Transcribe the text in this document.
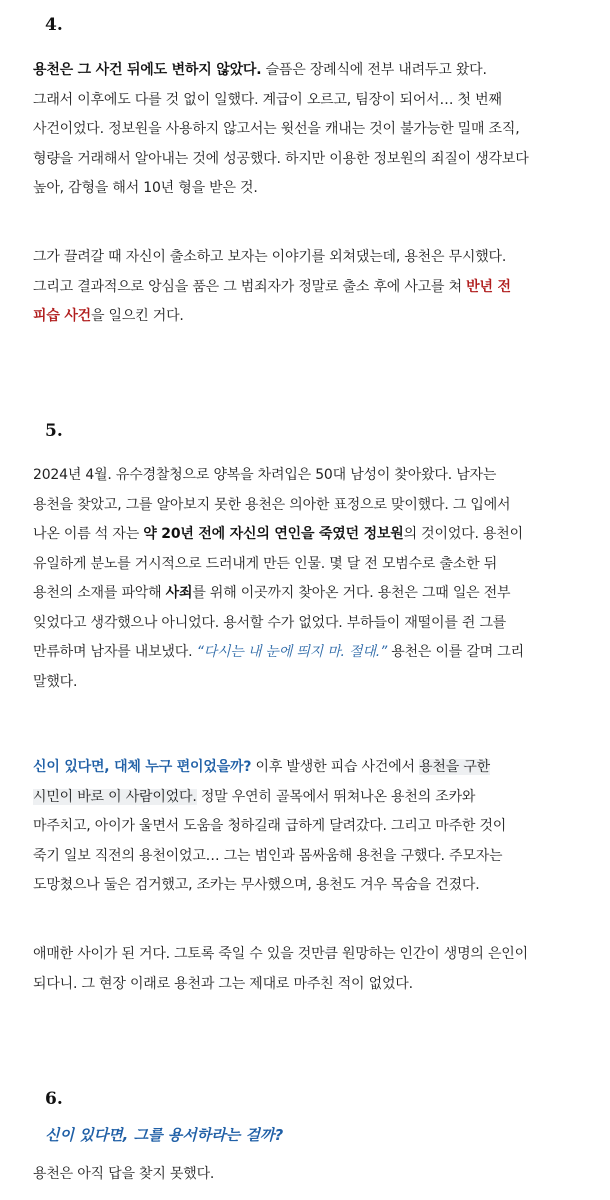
4.

용천은 그 사건 뒤에도 변하지 않았다. 슬픔은 장례식에 전부 내려두고 왔다.
그래서 이후에도 다를 것 없이 일했다. 계급이 오르고, 팀장이 되어서… 첫 번째
사건이었다. 정보원을 사용하지 않고서는 윗선을 캐내는 것이 불가능한 밀매 조직,
형량을 거래해서 알아내는 것에 성공했다. 하지만 이용한 정보원의 죄질이 생각보다
높아, 감형을 해서 10년 형을 받은 것.

그가 끌려갈 때 자신이 출소하고 보자는 이야기를 외쳐댔는데, 용천은 무시했다.
그리고 결과적으로 앙심을 품은 그 범죄자가 정말로 출소 후에 사고를 쳐 반년 전
피습 사건을 일으킨 거다.

5.

2024년 4월. 유수경찰청으로 양복을 차려입은 50대 남성이 찾아왔다. 남자는
용천을 찾았고, 그를 알아보지 못한 용천은 의아한 표정으로 맞이했다. 그 입에서
나온 이름 석 자는 약 20년 전에 자신의 연인을 죽였던 정보원의 것이었다. 용천이
유일하게 분노를 거시적으로 드러내게 만든 인물. 몇 달 전 모범수로 출소한 뒤
용천의 소재를 파악해 사죄를 위해 이곳까지 찾아온 거다. 용천은 그때 일은 전부
잊었다고 생각했으나 아니었다. 용서할 수가 없었다. 부하들이 재떨이를 쥔 그를
만류하며 남자를 내보냈다. “다시는 내 눈에 띄지 마. 절대.” 용천은 이를 갈며 그리
말했다.

신이 있다면, 대체 누구 편이었을까? 이후 발생한 피습 사건에서 용천을 구한
시민이 바로 이 사람이었다. 정말 우연히 골목에서 뛰쳐나온 용천의 조카와
마주치고, 아이가 울면서 도움을 청하길래 급하게 달려갔다. 그리고 마주한 것이
죽기 일보 직전의 용천이었고… 그는 범인과 몸싸움해 용천을 구했다. 주모자는
도망쳤으나 둘은 검거했고, 조카는 무사했으며, 용천도 겨우 목숨을 건졌다.

애매한 사이가 된 거다. 그토록 죽일 수 있을 것만큼 원망하는 인간이 생명의 은인이
되다니. 그 현장 이래로 용천과 그는 제대로 마주친 적이 없었다.

6.

신이 있다면, 그를 용서하라는 걸까?

용천은 아직 답을 찾지 못했다.
